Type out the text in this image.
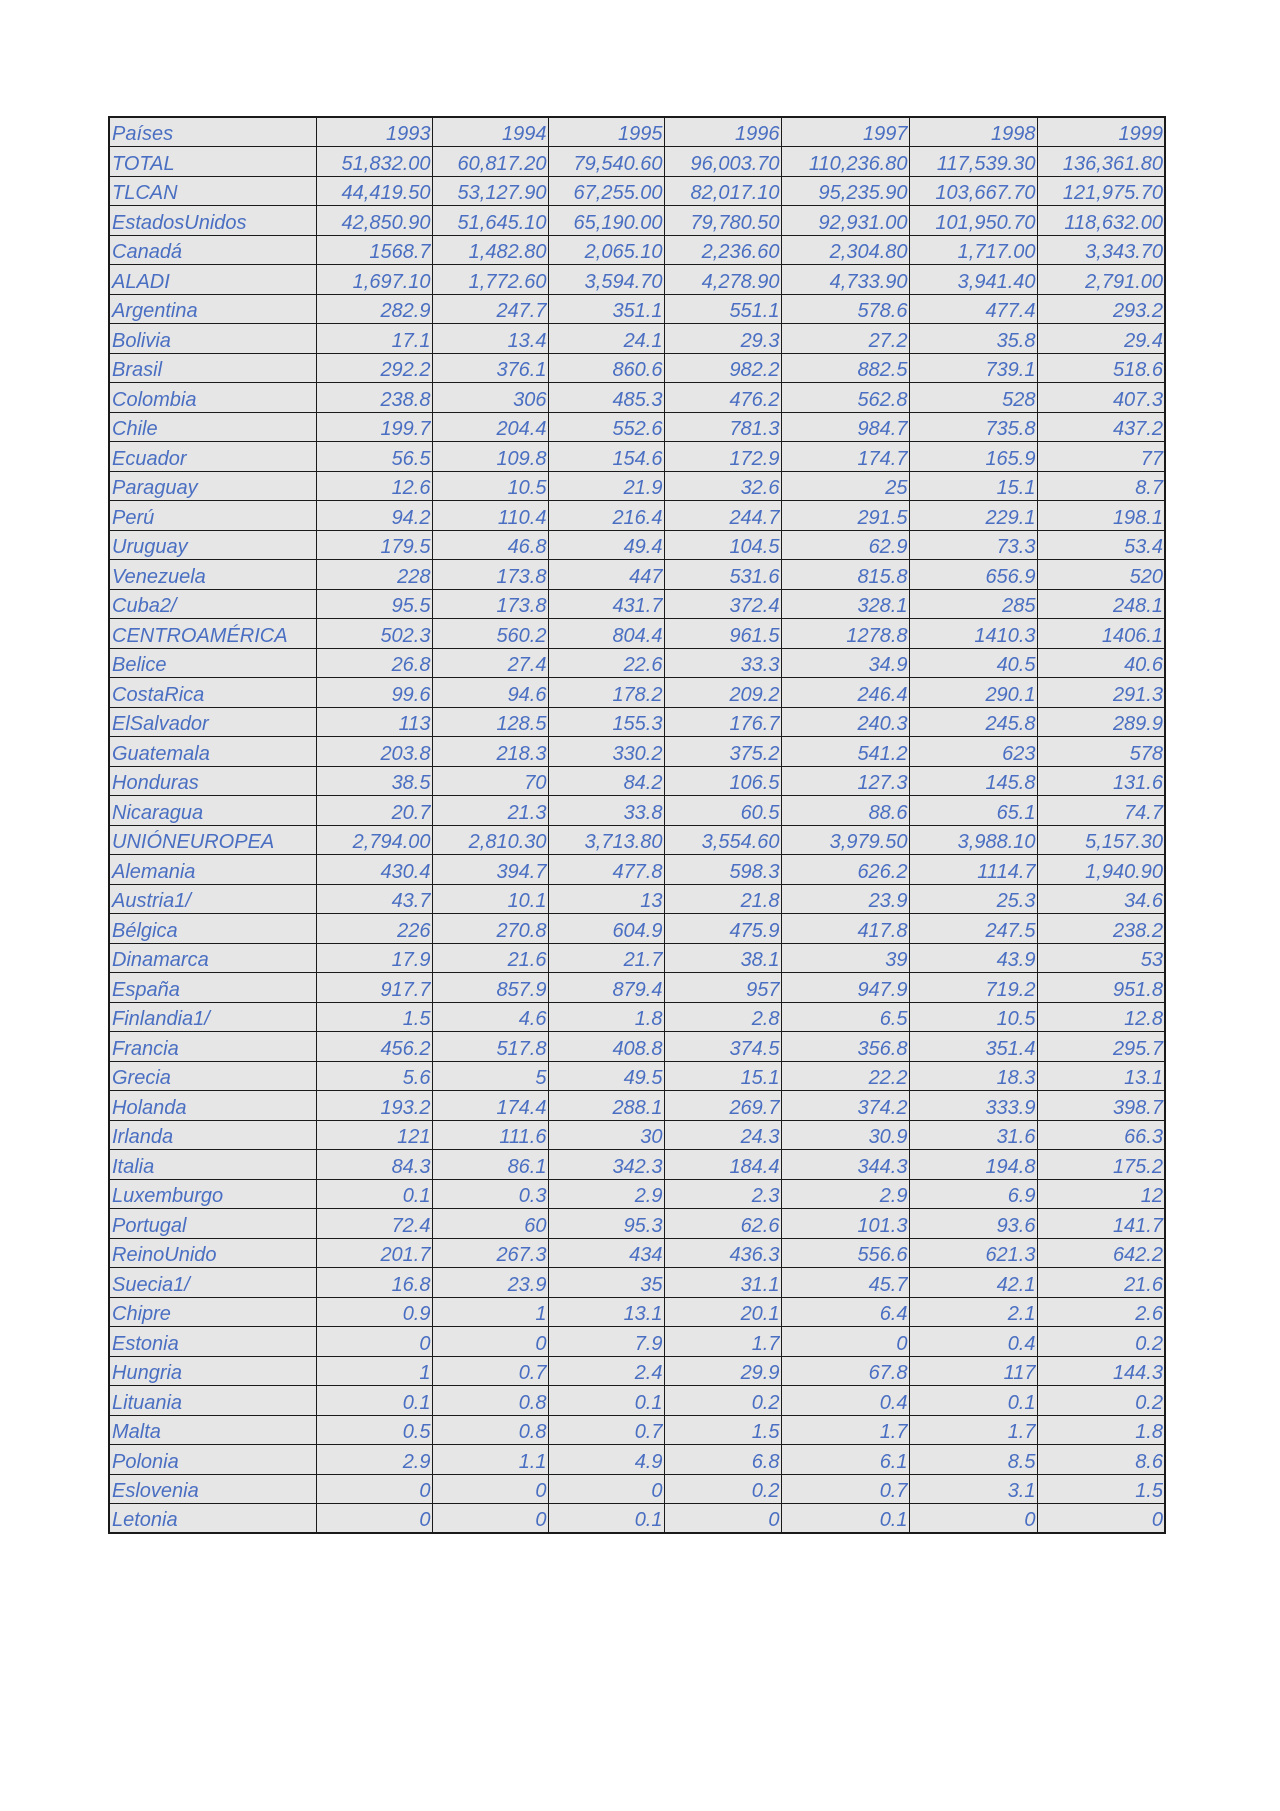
Países	1993	1994	1995	1996	1997	1998	1999
TOTAL	51,832.00	60,817.20	79,540.60	96,003.70	110,236.80	117,539.30	136,361.80
TLCAN	44,419.50	53,127.90	67,255.00	82,017.10	95,235.90	103,667.70	121,975.70
EstadosUnidos	42,850.90	51,645.10	65,190.00	79,780.50	92,931.00	101,950.70	118,632.00
Canadá	1568.7	1,482.80	2,065.10	2,236.60	2,304.80	1,717.00	3,343.70
ALADI	1,697.10	1,772.60	3,594.70	4,278.90	4,733.90	3,941.40	2,791.00
Argentina	282.9	247.7	351.1	551.1	578.6	477.4	293.2
Bolivia	17.1	13.4	24.1	29.3	27.2	35.8	29.4
Brasil	292.2	376.1	860.6	982.2	882.5	739.1	518.6
Colombia	238.8	306	485.3	476.2	562.8	528	407.3
Chile	199.7	204.4	552.6	781.3	984.7	735.8	437.2
Ecuador	56.5	109.8	154.6	172.9	174.7	165.9	77
Paraguay	12.6	10.5	21.9	32.6	25	15.1	8.7
Perú	94.2	110.4	216.4	244.7	291.5	229.1	198.1
Uruguay	179.5	46.8	49.4	104.5	62.9	73.3	53.4
Venezuela	228	173.8	447	531.6	815.8	656.9	520
Cuba2/	95.5	173.8	431.7	372.4	328.1	285	248.1
CENTROAMÉRICA	502.3	560.2	804.4	961.5	1278.8	1410.3	1406.1
Belice	26.8	27.4	22.6	33.3	34.9	40.5	40.6
CostaRica	99.6	94.6	178.2	209.2	246.4	290.1	291.3
ElSalvador	113	128.5	155.3	176.7	240.3	245.8	289.9
Guatemala	203.8	218.3	330.2	375.2	541.2	623	578
Honduras	38.5	70	84.2	106.5	127.3	145.8	131.6
Nicaragua	20.7	21.3	33.8	60.5	88.6	65.1	74.7
UNIÓNEUROPEA	2,794.00	2,810.30	3,713.80	3,554.60	3,979.50	3,988.10	5,157.30
Alemania	430.4	394.7	477.8	598.3	626.2	1114.7	1,940.90
Austria1/	43.7	10.1	13	21.8	23.9	25.3	34.6
Bélgica	226	270.8	604.9	475.9	417.8	247.5	238.2
Dinamarca	17.9	21.6	21.7	38.1	39	43.9	53
España	917.7	857.9	879.4	957	947.9	719.2	951.8
Finlandia1/	1.5	4.6	1.8	2.8	6.5	10.5	12.8
Francia	456.2	517.8	408.8	374.5	356.8	351.4	295.7
Grecia	5.6	5	49.5	15.1	22.2	18.3	13.1
Holanda	193.2	174.4	288.1	269.7	374.2	333.9	398.7
Irlanda	121	111.6	30	24.3	30.9	31.6	66.3
Italia	84.3	86.1	342.3	184.4	344.3	194.8	175.2
Luxemburgo	0.1	0.3	2.9	2.3	2.9	6.9	12
Portugal	72.4	60	95.3	62.6	101.3	93.6	141.7
ReinoUnido	201.7	267.3	434	436.3	556.6	621.3	642.2
Suecia1/	16.8	23.9	35	31.1	45.7	42.1	21.6
Chipre	0.9	1	13.1	20.1	6.4	2.1	2.6
Estonia	0	0	7.9	1.7	0	0.4	0.2
Hungria	1	0.7	2.4	29.9	67.8	117	144.3
Lituania	0.1	0.8	0.1	0.2	0.4	0.1	0.2
Malta	0.5	0.8	0.7	1.5	1.7	1.7	1.8
Polonia	2.9	1.1	4.9	6.8	6.1	8.5	8.6
Eslovenia	0	0	0	0.2	0.7	3.1	1.5
Letonia	0	0	0.1	0	0.1	0	0
